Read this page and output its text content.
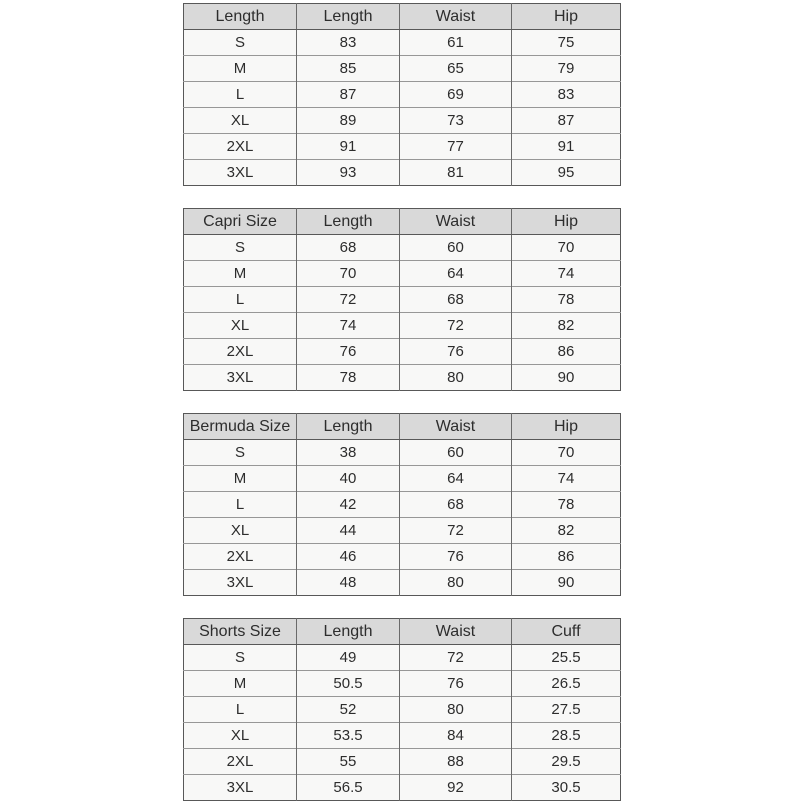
Length	Length	Waist	Hip
S	83	61	75
M	85	65	79
L	87	69	83
XL	89	73	87
2XL	91	77	91
3XL	93	81	95
Capri Size	Length	Waist	Hip
S	68	60	70
M	70	64	74
L	72	68	78
XL	74	72	82
2XL	76	76	86
3XL	78	80	90
Bermuda Size	Length	Waist	Hip
S	38	60	70
M	40	64	74
L	42	68	78
XL	44	72	82
2XL	46	76	86
3XL	48	80	90
Shorts Size	Length	Waist	Cuff
S	49	72	25.5
M	50.5	76	26.5
L	52	80	27.5
XL	53.5	84	28.5
2XL	55	88	29.5
3XL	56.5	92	30.5
